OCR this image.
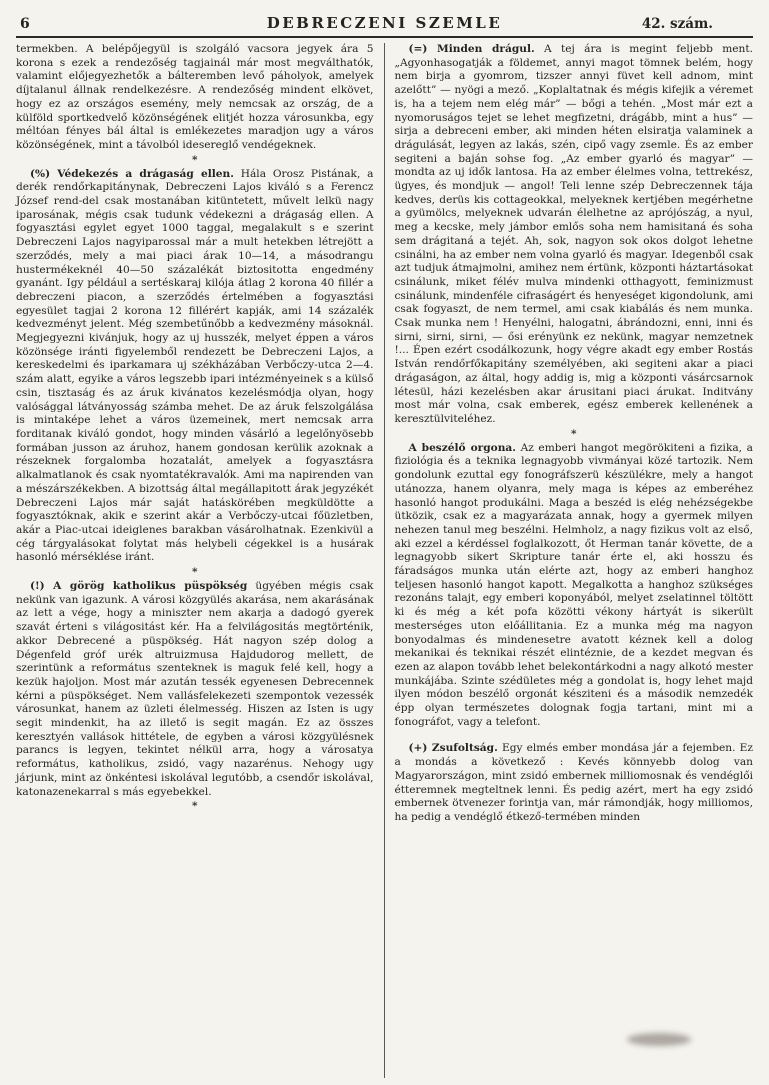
6	DEBRECZENI SZEMLE	42. szám.

termekben. A belépőjegyül is szolgáló vacsora jegyek ára 5 korona s ezek a rendezőség tagjainál már most megválthatók, valamint előjegyezhetők a bálteremben levő páholyok, amelyek díjtalanul állnak rendelkezésre. A rendezőség mindent elkövet, hogy ez az országos esemény, mely nemcsak az ország, de a külföld sportkedvelő közönségének elitjét hozza városunkba, egy méltóan fényes bál által is emlékezetes maradjon ugy a város közönségének, mint a távolból idesereglő vendégeknek.

*

(%) Védekezés a drágaság ellen. Hála Orosz Pistának, a derék rendőrkapitánynak, Debreczeni Lajos kiváló s a Ferencz József rend-del csak mostanában kitüntetett, művelt lelkü nagy iparosának, mégis csak tudunk védekezni a drágaság ellen. A fogyasztási egylet egyet 1000 taggal, megalakult s e szerint Debreczeni Lajos nagyiparossal már a mult hetekben létrejött a szerződés, mely a mai piaci árak 10—14, a másodrangu hustermékeknél 40—50 százalékát biztositotta engedmény gyanánt. Igy például a sertéskaraj kilója átlag 2 korona 40 fillér a debreczeni piacon, a szerződés értelmében a fogyasztási egyesület tagjai 2 korona 12 fillérért kapják, ami 14 százalék kedvezményt jelent. Még szembetűnőbb a kedvezmény másoknál. Megjegyezni kivánjuk, hogy az uj husszék, melyet éppen a város közönsége iránti figyelemből rendezett be Debreczeni Lajos, a kereskedelmi és iparkamara uj székházában Verbőczy-utca 2—4. szám alatt, egyike a város legszebb ipari intézményeinek s a külső csin, tisztaság és az áruk kivánatos kezelésmódja olyan, hogy valósággal látványosság számba mehet. De az áruk felszolgálása is mintaképe lehet a város üzemeinek, mert nemcsak arra forditanak kiváló gondot, hogy minden vásárló a legelőnyösebb formában jusson az áruhoz, hanem gondosan kerülik azoknak a részeknek forgalomba hozatalát, amelyek a fogyasztásra alkalmatlanok és csak nyomtatékravalók. Ami ma napirenden van a mészárszékekben. A bizottság által megállapitott árak jegyzékét Debreczeni Lajos már saját hatáskörében megküldötte a fogyasztóknak, akik e szerint akár a Verbőczy-utcai főüzletben, akár a Piac-utcai ideiglenes barakban vásárolhatnak. Ezenkivül a cég tárgyalásokat folytat más helybeli cégekkel is a husárak hasonló mérséklése iránt.

*

(!) A görög katholikus püspökség ügyében mégis csak nekünk van igazunk. A városi közgyülés akarása, nem akarásának az lett a vége, hogy a miniszter nem akarja a dadogó gyerek szavát érteni s világositást kér. Ha a felvilágositás megtörténik, akkor Debrecené a püspökség. Hát nagyon szép dolog a Dégenfeld gróf urék altruizmusa Hajdudorog mellett, de szerintünk a református szenteknek is maguk felé kell, hogy a kezük hajoljon. Most már azután tessék egyenesen Debrecennek kérni a püspökséget. Nem vallásfelekezeti szempontok vezessék városunkat, hanem az üzleti élelmesség. Hiszen az Isten is ugy segit mindenkit, ha az illető is segit magán. Ez az összes keresztyén vallások hittétele, de egyben a városi közgyülésnek parancs is legyen, tekintet nélkül arra, hogy a városatya református, katholikus, zsidó, vagy nazarénus. Nehogy ugy járjunk, mint az önkéntesi iskolával legutóbb, a csendőr iskolával, katonazenekarral s más egyebekkel.

*

(=) Minden drágul. A tej ára is megint feljebb ment. „Agyonhasogatják a földemet, annyi magot tömnek belém, hogy nem birja a gyomrom, tizszer annyi füvet kell adnom, mint azelőtt” — nyögi a mező. „Koplaltatnak és mégis kifejik a véremet is, ha a tejem nem elég már” — bőgi a tehén. „Most már ezt a nyomoruságos tejet se lehet megfizetni, drágább, mint a hus” — sirja a debreceni ember, aki minden héten elsiratja valaminek a drágulását, legyen az lakás, szén, cipő vagy zsemle. És az ember segiteni a baján sohse fog. „Az ember gyarló és magyar” — mondta az uj idők lantosa. Ha az ember élelmes volna, tettrekész, ügyes, és mondjuk — angol! Teli lenne szép Debreczennek tája kedves, derüs kis cottageokkal, melyeknek kertjében megérhetne a gyümölcs, melyeknek udvarán élelhetne az aprójószág, a nyul, meg a kecske, mely jámbor emlős soha nem hamisitaná és soha sem drágitaná a tejét. Ah, sok, nagyon sok okos dolgot lehetne csinálni, ha az ember nem volna gyarló és magyar. Idegenből csak azt tudjuk átmajmolni, amihez nem értünk, központi háztartásokat csinálunk, miket félév mulva mindenki otthagyott, feminizmust csinálunk, mindenféle cifraságért és henyeséget kigondolunk, ami csak fogyaszt, de nem termel, ami csak kiabálás és nem munka. Csak munka nem ! Henyélni, halogatni, ábrándozni, enni, inni és sirni, sirni, sirni, — ősi erényünk ez nekünk, magyar nemzetnek !... Épen ezért csodálkozunk, hogy végre akadt egy ember Rostás István rendőrfőkapitány személyében, aki segiteni akar a piaci drágaságon, az által, hogy addig is, mig a központi vásárcsarnok létesül, házi kezelésben akar árusitani piaci árukat. Inditvány most már volna, csak emberek, egész emberek kellenének a keresztülviteléhez.

*

A beszélő orgona. Az emberi hangot megörökiteni a fizika, a fiziológia és a teknika legnagyobb vivmányai közé tartozik. Nem gondolunk ezuttal egy fonográfszerü készülékre, mely a hangot utánozza, hanem olyanra, mely maga is képes az emberéhez hasonló hangot produkálni. Maga a beszéd is elég nehézségekbe ütközik, csak ez a magyarázata annak, hogy a gyermek milyen nehezen tanul meg beszélni. Helmholz, a nagy fizikus volt az első, aki ezzel a kérdéssel foglalkozott, őt Herman tanár követte, de a legnagyobb sikert Skripture tanár érte el, aki hosszu és fáradságos munka után elérte azt, hogy az emberi hanghoz teljesen hasonló hangot kapott. Megalkotta a hanghoz szükséges rezonáns talajt, egy emberi koponyából, melyet zselatinnel töltött ki és még a két pofa közötti vékony hártyát is sikerült mesterséges uton előállitania. Ez a munka még ma nagyon bonyodalmas és mindenesetre avatott kéznek kell a dolog mekanikai és teknikai részét elintéznie, de a kezdet megvan és ezen az alapon tovább lehet belekontárkodni a nagy alkotó mester munkájába. Szinte szédületes még a gondolat is, hogy lehet majd ilyen módon beszélő orgonát késziteni és a második nemzedék épp olyan természetes dolognak fogja tartani, mint mi a fonográfot, vagy a telefont.

(+) Zsufoltság. Egy elmés ember mondása jár a fejemben. Ez a mondás a következő : Kevés könnyebb dolog van Magyarországon, mint zsidó embernek milliomosnak és vendéglői étteremnek megteltnek lenni. És pedig azért, mert ha egy zsidó embernek ötvenezer forintja van, már rámondják, hogy milliomos, ha pedig a vendéglő étkező-termében minden
